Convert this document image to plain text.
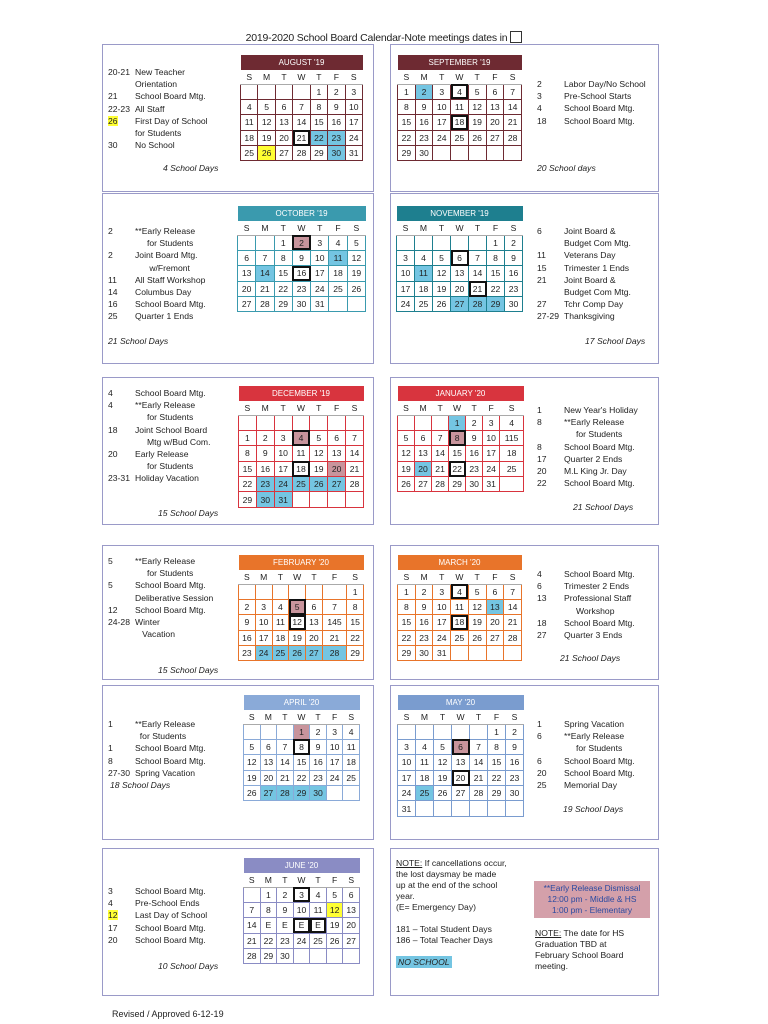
2019-2020 School Board Calendar-Note meetings dates in
AUGUST '19						
S	M	T	W	T	F	S
				1	2	3
4	5	6	7	8	9	10
11	12	13	14	15	16	17
18	19	20	21	22	23	24
25	26	27	28	29	30	31
20-21 New Teacher
Orientation
21	School Board Mtg.
22-23 All Staff
26	First Day of School
for Students
30	No School
4 School Days
SEPTEMBER '19						
S	M	T	W	T	F	S
1	2	3	4	5	6	7
8	9	10	11	12	13	14
15	16	17	18	19	20	21
22	23	24	25	26	27	28
29	30					
2	Labor Day/No School
3	Pre-School Starts
4	School Board Mtg.
18	School Board Mtg.
20 School days
OCTOBER '19						
S	M	T	W	T	F	S
		1	2	3	4	5
6	7	8	9	10	11	12
13	14	15	16	17	18	19
20	21	22	23	24	25	26
27	28	29	30	31		
2	**Early Release
for Students
2	Joint Board Mtg.
w/Fremont
11	All Staff Workshop
14	Columbus Day
16	School Board Mtg.
25	Quarter 1 Ends
21 School Days
NOVEMBER '19						
S	M	T	W	T	F	S
					1	2
3	4	5	6	7	8	9
10	11	12	13	14	15	16
17	18	19	20	21	22	23
24	25	26	27	28	29	30
6	Joint Board &
Budget Com Mtg.
11	Veterans Day
15	Trimester 1 Ends
21	Joint Board &
Budget Com Mtg.
27	Tchr Comp Day
27-29 Thanksgiving
17 School Days
DECEMBER '19						
S	M	T	W	T	F	S

1	2	3	4	5	6	7
8	9	10	11	12	13	14
15	16	17	18	19	20	21
22	23	24	25	26	27	28
29	30	31				
4	School Board Mtg.
4	**Early Release
for Students
18	Joint School Board
Mtg w/Bud Com.
20	Early Release
for Students
23-31 Holiday Vacation
15 School Days
JANUARY '20						
S	M	T	W	T	F	S
			1	2	3	4
5	6	7	8	9	10	115
12	13	14	15	16	17	18
19	20	21	22	23	24	25
26	27	28	29	30	31	
1	New Year's Holiday
8	**Early Release
for Students
8	School Board Mtg.
17	Quarter 2 Ends
20	M.L King Jr. Day
22	School Board Mtg.
21 School Days
FEBRUARY '20						
S	M	T	W	T	F	S
						1
2	3	4	5	6	7	8
9	10	11	12	13	145	15
16	17	18	19	20	21	22
23	24	25	26	27	28	29
5	**Early Release
for Students
5	School Board Mtg.
Deliberative Session
12	School Board Mtg.
24-28 Winter
Vacation
15 School Days
MARCH '20						
S	M	T	W	T	F	S
1	2	3	4	5	6	7
8	9	10	11	12	13	14
15	16	17	18	19	20	21
22	23	24	25	26	27	28
29	30	31				
4	School Board Mtg.
6	Trimester 2 Ends
13	Professional Staff
Workshop
18	School Board Mtg.
27	Quarter 3 Ends
21 School Days
APRIL '20						
S	M	T	W	T	F	S
			1	2	3	4
5	6	7	8	9	10	11
12	13	14	15	16	17	18
19	20	21	22	23	24	25
26	27	28	29	30		
1	**Early Release
for Students
1	School Board Mtg.
8	School Board Mtg.
27-30 Spring Vacation
18 School Days
MAY '20						
S	M	T	W	T	F	S
					1	2
3	4	5	6	7	8	9
10	11	12	13	14	15	16
17	18	19	20	21	22	23
24	25	26	27	28	29	30
31						
1	Spring Vacation
6	**Early Release
for Students
6	School Board Mtg.
20	School Board Mtg.
25	Memorial Day
19 School Days
JUNE '20						
S	M	T	W	T	F	S
	1	2	3	4	5	6
7	8	9	10	11	12	13
14	E	E	E	E	19	20
21	22	23	24	25	26	27
28	29	30				
3	School Board Mtg.
4	Pre-School Ends
12	Last Day of School
17	School Board Mtg.
20	School Board Mtg.
10 School Days
NOTE: If cancellations occur,
the lost daysmay be made
up at the end of the school
year.
(E= Emergency Day)
181 – Total Student Days
186 – Total Teacher Days
NO SCHOOL
**Early Release Dismissal
12:00 pm - Middle & HS
1:00 pm - Elementary
NOTE: The date for HS
Graduation TBD at
February School Board
meeting.
Revised / Approved 6-12-19
